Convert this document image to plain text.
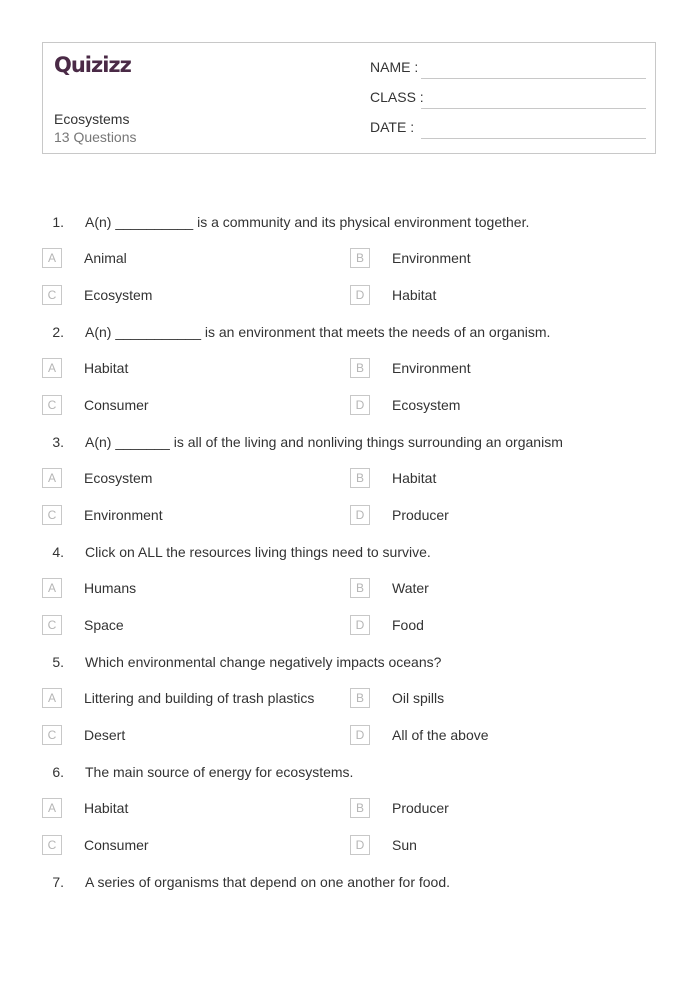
Quizizz
Ecosystems
13 Questions
NAME :
CLASS :
DATE :
1. A(n) __________ is a community and its physical environment together.
A	Animal	B	Environment
C	Ecosystem	D	Habitat
2. A(n) ___________ is an environment that meets the needs of an organism.
A	Habitat	B	Environment
C	Consumer	D	Ecosystem
3. A(n) _______ is all of the living and nonliving things surrounding an organism
A	Ecosystem	B	Habitat
C	Environment	D	Producer
4. Click on ALL the resources living things need to survive.
A	Humans	B	Water
C	Space	D	Food
5. Which environmental change negatively impacts oceans?
A	Littering and building of trash plastics	B	Oil spills
C	Desert	D	All of the above
6. The main source of energy for ecosystems.
A	Habitat	B	Producer
C	Consumer	D	Sun
7. A series of organisms that depend on one another for food.
